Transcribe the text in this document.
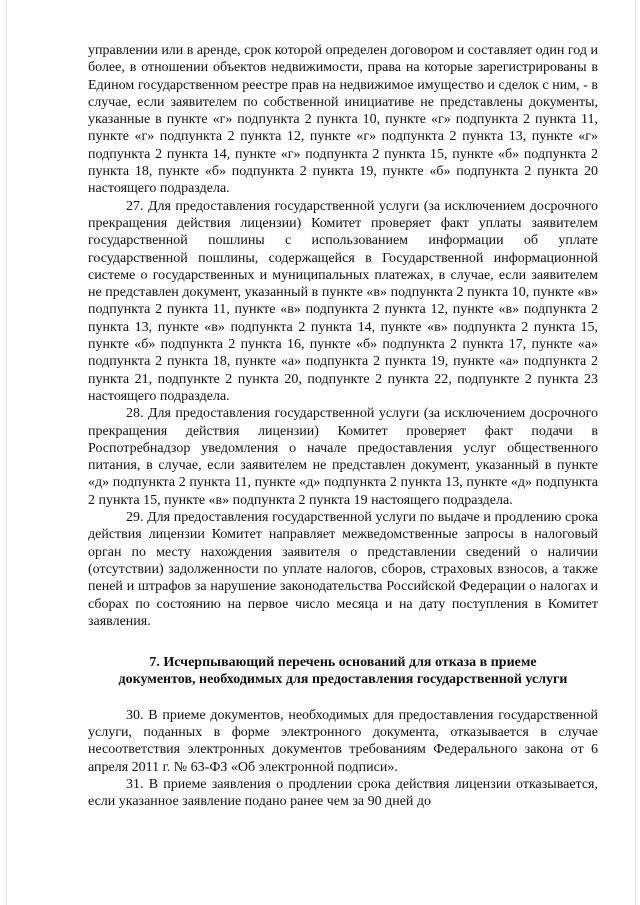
управлении или в аренде, срок которой определен договором и составляет один год и более, в отношении объектов недвижимости, права на которые зарегистрированы в Едином государственном реестре прав на недвижимое имущество и сделок с ним, - в случае, если заявителем по собственной инициативе не представлены документы, указанные в пункте «г» подпункта 2 пункта 10, пункте «г» подпункта 2 пункта 11, пункте «г» подпункта 2 пункта 12, пункте «г» подпункта 2 пункта 13, пункте «г» подпункта 2 пункта 14, пункте «г» подпункта 2 пункта 15, пункте «б» подпункта 2 пункта 18, пункте «б» подпункта 2 пункта 19, пункте «б» подпункта 2 пункта 20 настоящего подраздела.

27. Для предоставления государственной услуги (за исключением досрочного прекращения действия лицензии) Комитет проверяет факт уплаты заявителем государственной пошлины с использованием информации об уплате государственной пошлины, содержащейся в Государственной информационной системе о государственных и муниципальных платежах, в случае, если заявителем не представлен документ, указанный в пункте «в» подпункта 2 пункта 10, пункте «в» подпункта 2 пункта 11, пункте «в» подпункта 2 пункта 12, пункте «в» подпункта 2 пункта 13, пункте «в» подпункта 2 пункта 14, пункте «в» подпункта 2 пункта 15, пункте «б» подпункта 2 пункта 16, пункте «б» подпункта 2 пункта 17, пункте «а» подпункта 2 пункта 18, пункте «а» подпункта 2 пункта 19, пункте «а» подпункта 2 пункта 21, подпункте 2 пункта 20, подпункте 2 пункта 22, подпункте 2 пункта 23 настоящего подраздела.

28. Для предоставления государственной услуги (за исключением досрочного прекращения действия лицензии) Комитет проверяет факт подачи в Роспотребнадзор уведомления о начале предоставления услуг общественного питания, в случае, если заявителем не представлен документ, указанный в пункте «д» подпункта 2 пункта 11, пункте «д» подпункта 2 пункта 13, пункте «д» подпункта 2 пункта 15, пункте «в» подпункта 2 пункта 19 настоящего подраздела.

29. Для предоставления государственной услуги по выдаче и продлению срока действия лицензии Комитет направляет межведомственные запросы в налоговый орган по месту нахождения заявителя о представлении сведений о наличии (отсутствии) задолженности по уплате налогов, сборов, страховых взносов, а также пеней и штрафов за нарушение законодательства Российской Федерации о налогах и сборах по состоянию на первое число месяца и на дату поступления в Комитет заявления.

7. Исчерпывающий перечень оснований для отказа в приеме
документов, необходимых для предоставления государственной услуги

30. В приеме документов, необходимых для предоставления государственной услуги, поданных в форме электронного документа, отказывается в случае несоответствия электронных документов требованиям Федерального закона от 6 апреля 2011 г. № 63-ФЗ «Об электронной подписи».

31. В приеме заявления о продлении срока действия лицензии отказывается, если указанное заявление подано ранее чем за 90 дней до
